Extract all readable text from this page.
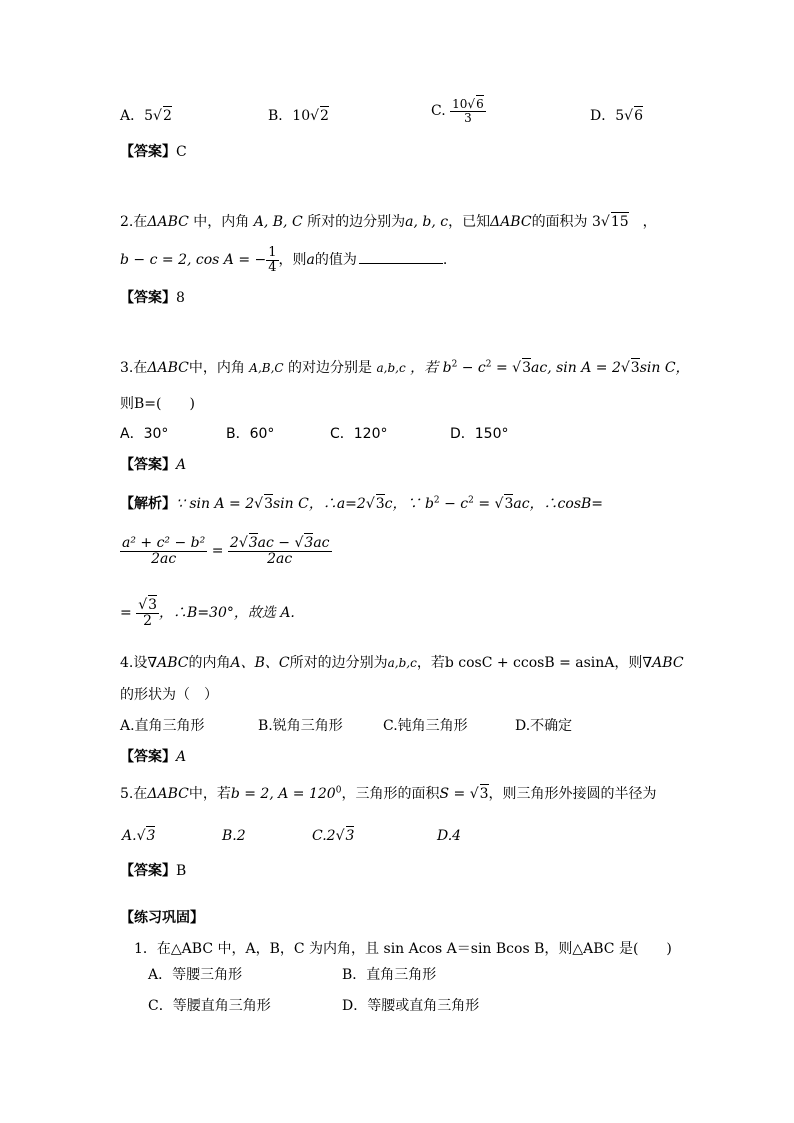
A．5√2	B．10√2	C. $\frac{10√6}{3}$	D．5√6
【答案】C
2.在ΔABC 中，内角 A, B, C 所对的边分别为a, b, c，已知ΔABC的面积为 3√15 ，
b − c = 2, cos A = − $\frac{1}{4}$ ，则a的值为	.
【答案】8
3.在ΔABC中，内角 A,B,C 的对边分别是 a,b,c ，若 $b^2 - c^2 = √3ac$, sin A = 2√3sin C，
则B=(　　)
A．30°	B．60°	C．120°	D．150°
【答案】A
【解析】∵ sin A = 2√3sin C，∴a=2√3c，∵ $b^2 - c^2 = √3ac$，∴cosB=
$\frac{\text{a² + c² − b²}}{2ac} = \frac{2√3ac - √3ac}{2ac}$
= $\frac{√3}{2}$ ，∴B=30°，故选 A.
4.设∇ABC的内角A、B、C所对的边分别为a,b,c，若b cosC + ccosB = asinA，则∇ABC
的形状为（　）
A.直角三角形	B.锐角三角形	C.钝角三角形	D.不确定
【答案】A
5.在ΔABC中，若b = 2, $A = 120^0$，三角形的面积S = √3，则三角形外接圆的半径为
A.√3	B.2	C.2√3	D.4
【答案】B
【练习巩固】
1．在△ABC 中，A，B，C 为内角，且 sin Acos A＝sin Bcos B，则△ABC 是(　　)
A．等腰三角形	B．直角三角形
C．等腰直角三角形	D．等腰或直角三角形
